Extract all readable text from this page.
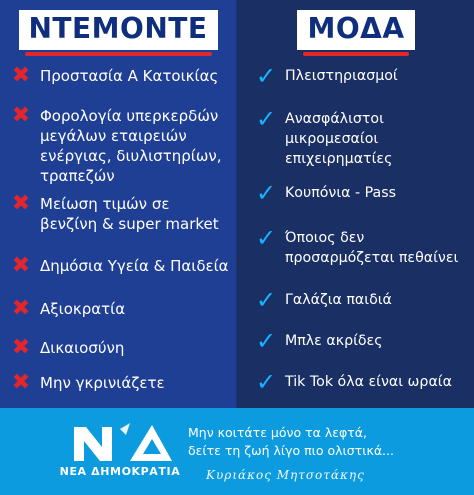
ΝΤΕΜΟΝΤΕ	ΜΟΔΑ
✖ Προστασία Α Κατοικίας
✖ Φορολογία υπερκερδών
μεγάλων εταιρειών
ενέργιας, διυλιστηρίων,
τραπεζών
✖ Μείωση τιμών σε
βενζίνη & super market
✖ Δημόσια Υγεία & Παιδεία
✖ Αξιοκρατία
✖ Δικαιοσύνη
✖ Μην γκρινιάζετε
✓ Πλειστηριασμοί
✓ Ανασφάλιστοι
μικρομεσαίοι
επιχειρηματίες
✓ Κουπόνια - Pass
✓ Όποιος δεν
προσαρμόζεται πεθαίνει
✓ Γαλάζια παιδιά
✓ Μπλε ακρίδες
✓ Tik Tok όλα είναι ωραία
ΝΔ
ΝΕΑ ΔΗΜΟΚΡΑΤΙΑ
Μην κοιτάτε μόνο τα λεφτά,
δείτε τη ζωή λίγο πιο ολιστικά...
Κυριάκος Μητσοτάκης
